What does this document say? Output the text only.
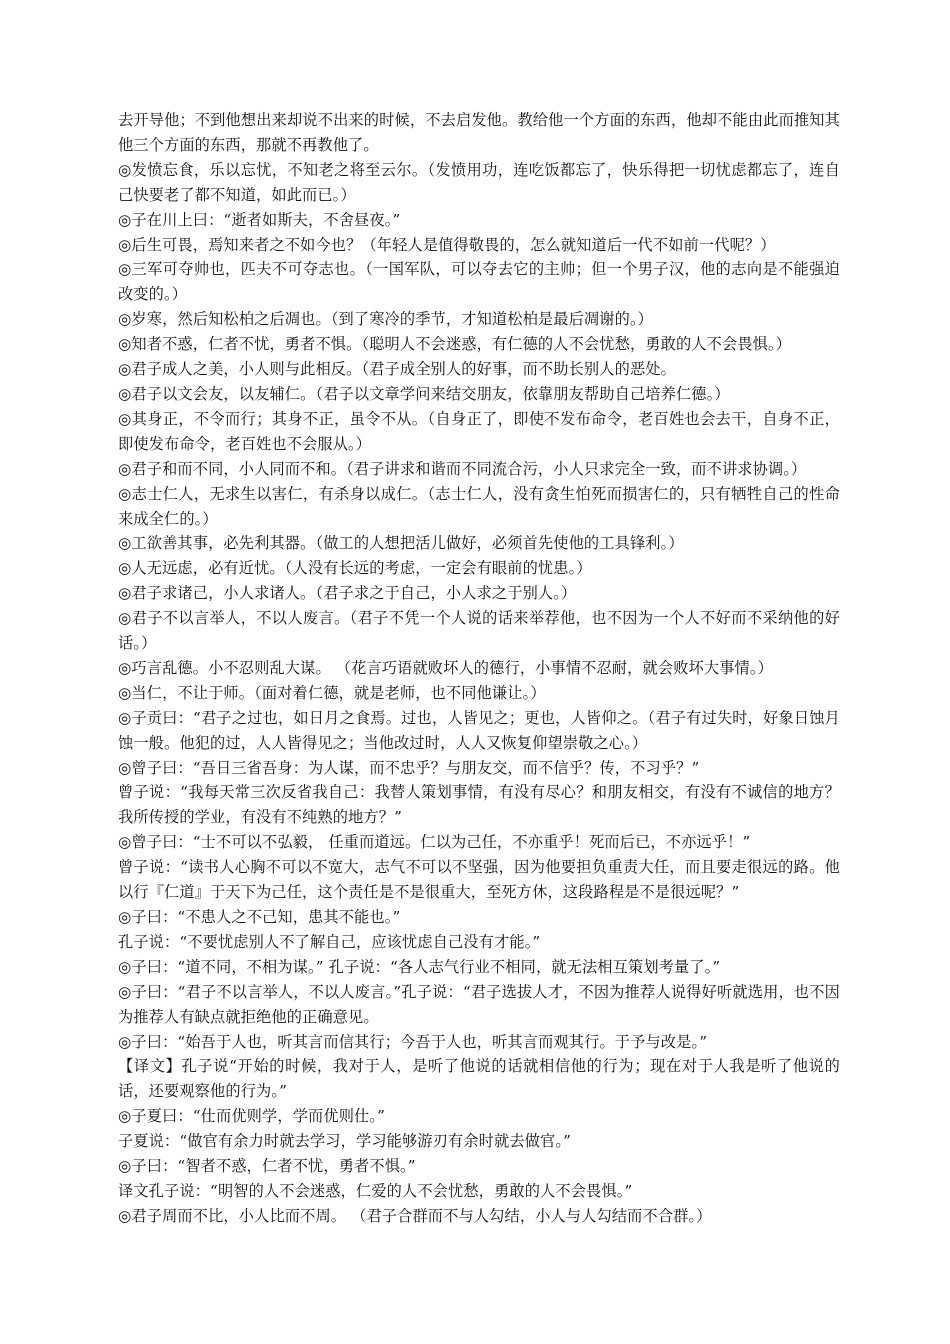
去开导他；不到他想出来却说不出来的时候，不去启发他。教给他一个方面的东西，他却不能由此而推知其他三个方面的东西，那就不再教他了。

◎发愤忘食，乐以忘忧，不知老之将至云尔。（发愤用功，连吃饭都忘了，快乐得把一切忧虑都忘了，连自己快要老了都不知道，如此而已。）

◎子在川上曰：“逝者如斯夫，不舍昼夜。”

◎后生可畏，焉知来者之不如今也？（年轻人是值得敬畏的，怎么就知道后一代不如前一代呢？）

◎三军可夺帅也，匹夫不可夺志也。（一国军队，可以夺去它的主帅；但一个男子汉，他的志向是不能强迫改变的。）

◎岁寒，然后知松柏之后凋也。（到了寒冷的季节，才知道松柏是最后凋谢的。）

◎知者不惑，仁者不忧，勇者不惧。（聪明人不会迷惑，有仁德的人不会忧愁，勇敢的人不会畏惧。）

◎君子成人之美，小人则与此相反。（君子成全别人的好事，而不助长别人的恶处。

◎君子以文会友，以友辅仁。（君子以文章学问来结交朋友，依靠朋友帮助自己培养仁德。）

◎其身正，不令而行；其身不正，虽令不从。（自身正了，即使不发布命令，老百姓也会去干，自身不正，即使发布命令，老百姓也不会服从。）

◎君子和而不同，小人同而不和。（君子讲求和谐而不同流合污，小人只求完全一致，而不讲求协调。）

◎志士仁人，无求生以害仁，有杀身以成仁。（志士仁人，没有贪生怕死而损害仁的，只有牺牲自己的性命来成全仁的。）

◎工欲善其事，必先利其器。（做工的人想把活儿做好，必须首先使他的工具锋利。）

◎人无远虑，必有近忧。（人没有长远的考虑，一定会有眼前的忧患。）

◎君子求诸己，小人求诸人。（君子求之于自己，小人求之于别人。）

◎君子不以言举人，不以人废言。（君子不凭一个人说的话来举荐他，也不因为一个人不好而不采纳他的好话。）

◎巧言乱德。小不忍则乱大谋。 （花言巧语就败坏人的德行，小事情不忍耐，就会败坏大事情。）

◎当仁，不让于师。（面对着仁德，就是老师，也不同他谦让。）

◎子贡曰：“君子之过也，如日月之食焉。过也，人皆见之；更也，人皆仰之。（君子有过失时，好象日蚀月蚀一般。他犯的过，人人皆得见之；当他改过时，人人又恢复仰望崇敬之心。）

◎曾子曰：“吾日三省吾身：为人谋，而不忠乎？与朋友交，而不信乎？传，不习乎？”

曾子说：“我每天常三次反省我自己：我替人策划事情，有没有尽心？和朋友相交，有没有不诚信的地方？我所传授的学业，有没有不纯熟的地方？”

◎曾子曰：“士不可以不弘毅， 任重而道远。仁以为己任，不亦重乎！死而后已，不亦远乎！”

曾子说：“读书人心胸不可以不宽大，志气不可以不坚强，因为他要担负重责大任，而且要走很远的路。他以行『仁道』于天下为己任，这个责任是不是很重大，至死方休，这段路程是不是很远呢？”

◎子曰：“不患人之不己知，患其不能也。”

孔子说：“不要忧虑别人不了解自己，应该忧虑自己没有才能。”

◎子曰：“道不同，不相为谋。” 孔子说：“各人志气行业不相同，就无法相互策划考量了。”

◎子曰：“君子不以言举人，不以人废言。”孔子说：“君子选拔人才，不因为推荐人说得好听就选用，也不因为推荐人有缺点就拒绝他的正确意见。

◎子曰：“始吾于人也，听其言而信其行；今吾于人也，听其言而观其行。于予与改是。”

【译文】孔子说“开始的时候，我对于人，是听了他说的话就相信他的行为；现在对于人我是听了他说的话，还要观察他的行为。”

◎子夏曰：“仕而优则学，学而优则仕。”

子夏说：“做官有余力时就去学习，学习能够游刃有余时就去做官。”

◎子曰：“智者不惑，仁者不忧，勇者不惧。”

译文孔子说：“明智的人不会迷惑，仁爱的人不会忧愁，勇敢的人不会畏惧。”

◎君子周而不比，小人比而不周。 （君子合群而不与人勾结，小人与人勾结而不合群。）
